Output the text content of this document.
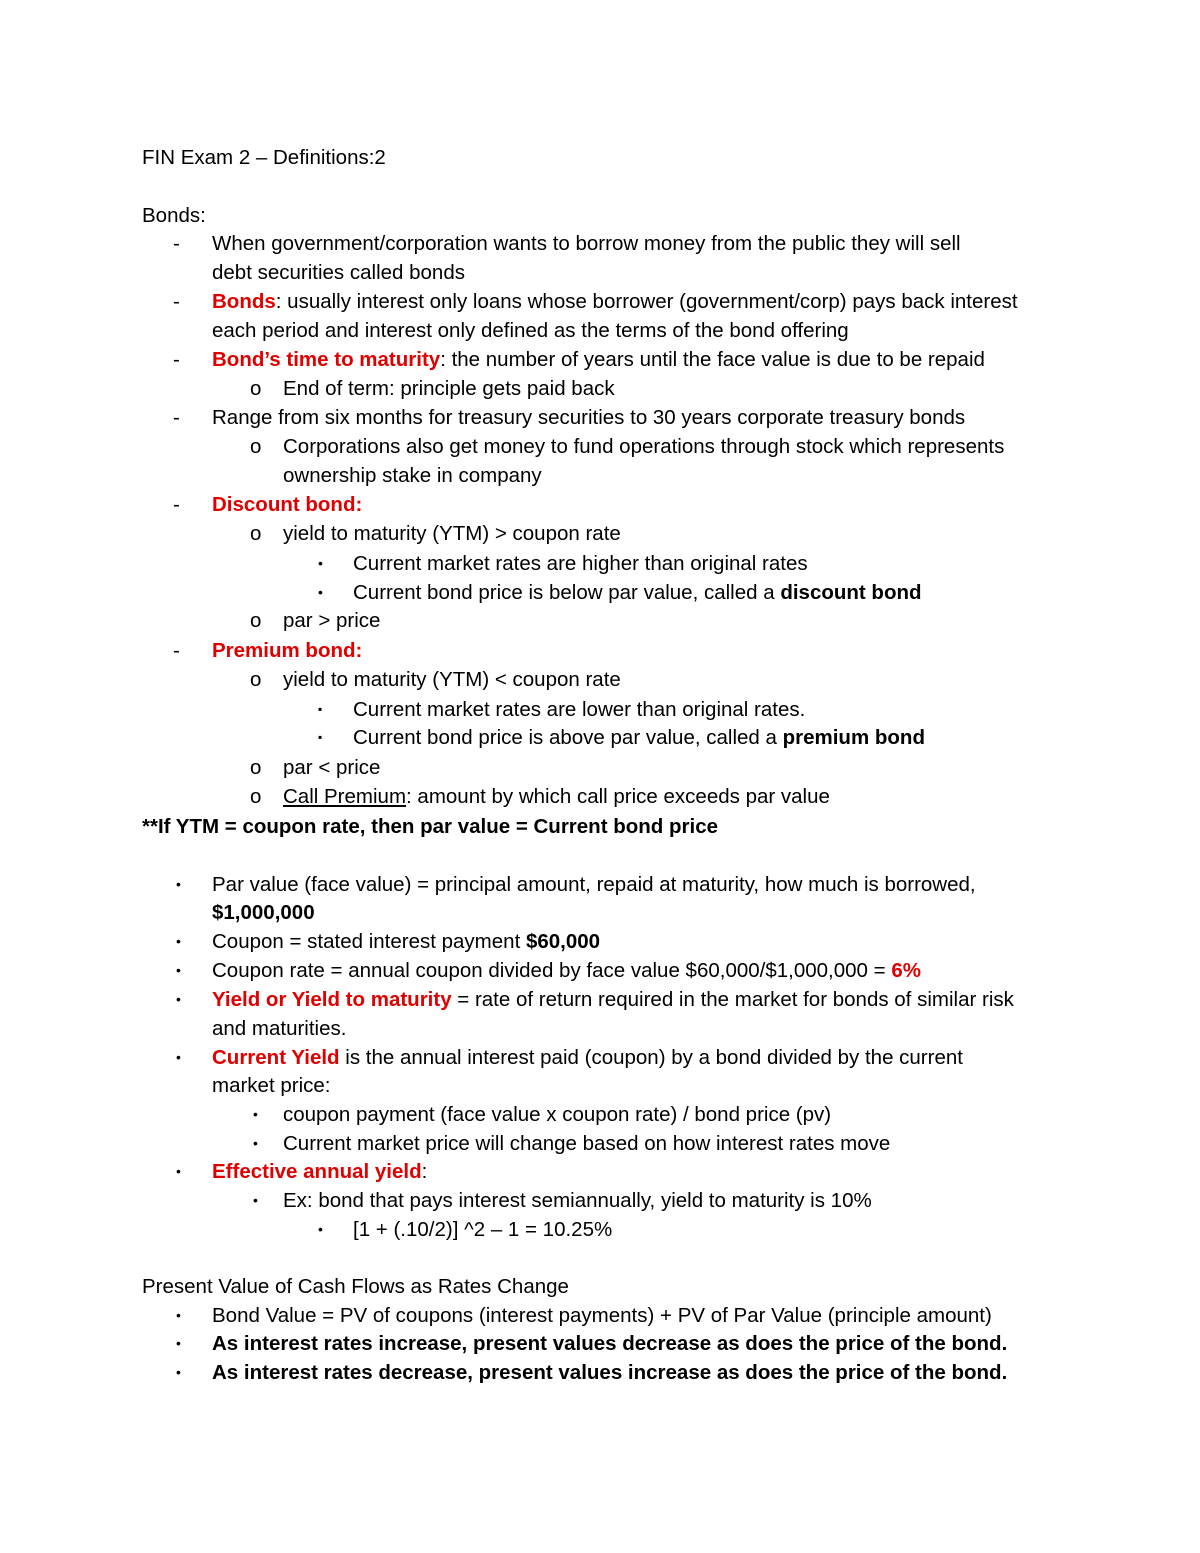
FIN Exam 2 – Definitions:2
Bonds:
- When government/corporation wants to borrow money from the public they will sell
debt securities called bonds
- Bonds: usually interest only loans whose borrower (government/corp) pays back interest
each period and interest only defined as the terms of the bond offering
- Bond’s time to maturity: the number of years until the face value is due to be repaid
o End of term: principle gets paid back
- Range from six months for treasury securities to 30 years corporate treasury bonds
o Corporations also get money to fund operations through stock which represents
ownership stake in company
- Discount bond:
o yield to maturity (YTM) > coupon rate
• Current market rates are higher than original rates
• Current bond price is below par value, called a discount bond
o par > price
- Premium bond:
o yield to maturity (YTM) < coupon rate
▪ Current market rates are lower than original rates.
▪ Current bond price is above par value, called a premium bond
o par < price
o Call Premium: amount by which call price exceeds par value
**If YTM = coupon rate, then par value = Current bond price
• Par value (face value) = principal amount, repaid at maturity, how much is borrowed,
$1,000,000
• Coupon = stated interest payment $60,000
• Coupon rate = annual coupon divided by face value $60,000/$1,000,000 = 6%
• Yield or Yield to maturity = rate of return required in the market for bonds of similar risk
and maturities.
• Current Yield is the annual interest paid (coupon) by a bond divided by the current
market price:
• coupon payment (face value x coupon rate) / bond price (pv)
• Current market price will change based on how interest rates move
• Effective annual yield:
• Ex: bond that pays interest semiannually, yield to maturity is 10%
• [1 + (.10/2)] ^2 – 1 = 10.25%
Present Value of Cash Flows as Rates Change
• Bond Value = PV of coupons (interest payments) + PV of Par Value (principle amount)
• As interest rates increase, present values decrease as does the price of the bond.
• As interest rates decrease, present values increase as does the price of the bond.
